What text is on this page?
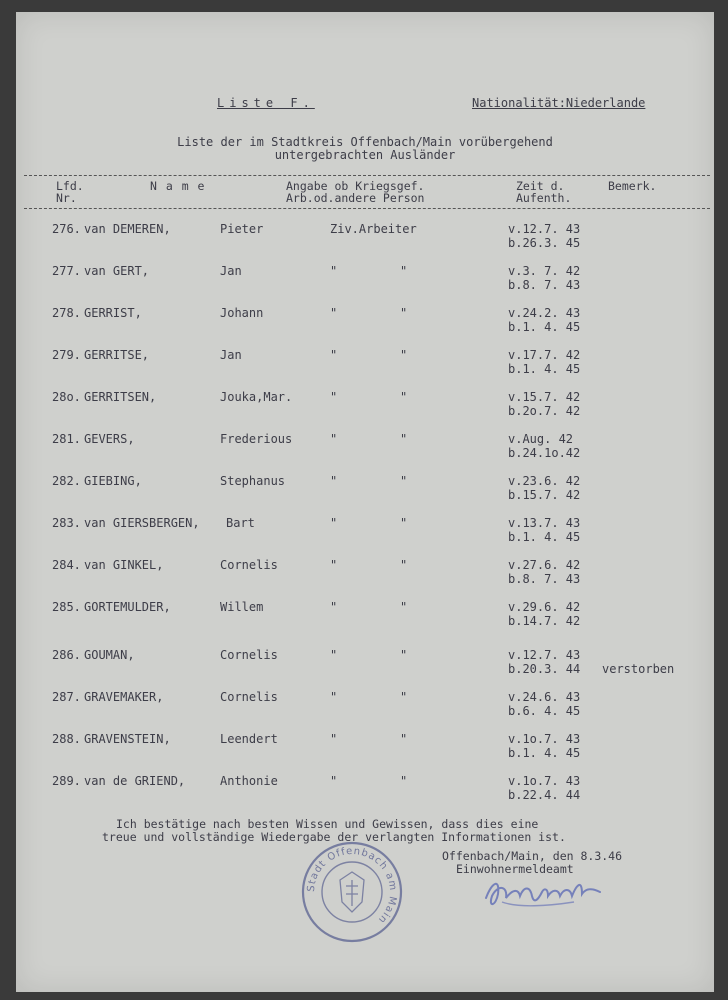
Liste F.	Nationalität:Niederlande
Liste der im Stadtkreis Offenbach/Main vorübergehend
untergebrachten Ausländer
Lfd.
Nr.
N a m e	Angabe ob Kriegsgef.
Arb.od.andere Person
Zeit d.
Aufenth.
Bemerk.
276. van DEMEREN,	Pieter	Ziv.Arbeiter	v.12.7. 43
b.26.3. 45
277. van GERT,	Jan	"	"	v.3. 7. 42
b.8. 7. 43
278. GERRIST,	Johann	"	"	v.24.2. 43
b.1. 4. 45
279. GERRITSE,	Jan	"	"	v.17.7. 42
b.1. 4. 45
28o. GERRITSEN,	Jouka,Mar.	"	"	v.15.7. 42
b.2o.7. 42
281. GEVERS,	Frederious	"	"	v.Aug. 42
b.24.1o.42
282. GIEBING,	Stephanus	"	"	v.23.6. 42
b.15.7. 42
283. van GIERSBERGEN, Bart	"	"	v.13.7. 43
b.1. 4. 45
284. van GINKEL,	Cornelis	"	"	v.27.6. 42
b.8. 7. 43
285. GORTEMULDER,	Willem	"	"	v.29.6. 42
b.14.7. 42
286. GOUMAN,	Cornelis	"	"	v.12.7. 43
b.20.3. 44 verstorben
287. GRAVEMAKER,	Cornelis	"	"	v.24.6. 43
b.6. 4. 45
288. GRAVENSTEIN,	Leendert	"	"	v.1o.7. 43
b.1. 4. 45
289. van de GRIEND,	Anthonie	"	"	v.1o.7. 43
b.22.4. 44
Ich bestätige nach besten Wissen und Gewissen, dass dies eine
treue und vollständige Wiedergabe der verlangten Informationen ist.
Offenbach/Main, den 8.3.46
Einwohnermeldeamt
Stadt Offenbach am Main
